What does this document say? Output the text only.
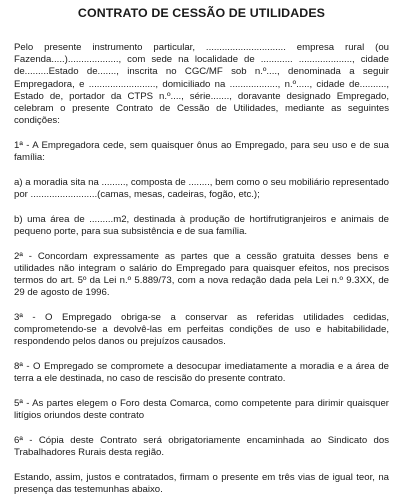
CONTRATO DE CESSÃO DE UTILIDADES

Pelo presente instrumento particular, .............................. empresa rural (ou Fazenda.....)..................., com sede na localidade de ............ ...................., cidade de.........Estado de......., inscrita no CGC/MF sob n.º...., denominada a seguir Empregadora, e ........................., domiciliado na .................., n.º....., cidade de.........., Estado de, portador da CTPS n.º...., série......., doravante designado Empregado, celebram o presente Contrato de Cessão de Utilidades, mediante as seguintes condições:

1ª - A Empregadora cede, sem quaisquer ônus ao Empregado, para seu uso e de sua família:

a) a moradia sita na ........., composta de ........, bem como o seu mobiliário representado por .........................(camas, mesas, cadeiras, fogão, etc.);

b) uma área de .........m2, destinada à produção de hortifrutigranjeiros e animais de pequeno porte, para sua subsistência e de sua família.

2ª - Concordam expressamente as partes que a cessão gratuita desses bens e utilidades não integram o salário do Empregado para quaisquer efeitos, nos precisos termos do art. 5º da Lei n.º 5.889/73, com a nova redação dada pela Lei n.º 9.3XX, de 29 de agosto de 1996.

3ª - O Empregado obriga-se a conservar as referidas utilidades cedidas, comprometendo-se a devolvê-las em perfeitas condições de uso e habitabilidade, respondendo pelos danos ou prejuízos causados.

8ª - O Empregado se compromete a desocupar imediatamente a moradia e a área de terra a ele destinada, no caso de rescisão do presente contrato.

5ª - As partes elegem o Foro desta Comarca, como competente para dirimir quaisquer litígios oriundos deste contrato

6ª - Cópia deste Contrato será obrigatoriamente encaminhada ao Sindicato dos Trabalhadores Rurais desta região.

Estando, assim, justos e contratados, firmam o presente em três vias de igual teor, na presença das testemunhas abaixo.
